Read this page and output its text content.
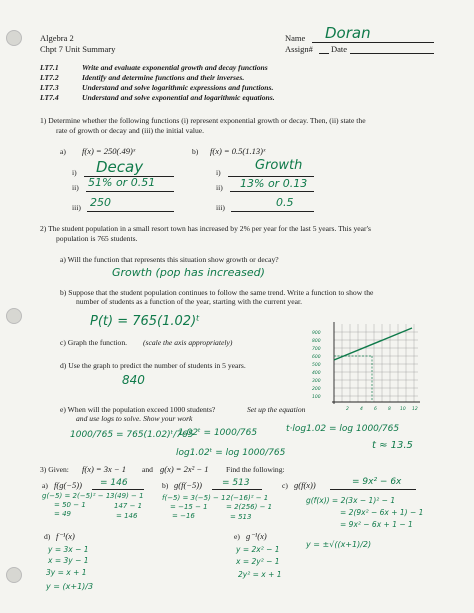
Algebra 2
Chpt 7 Unit Summary
Name Doran
Assign# Date
LT7.1	Write and evaluate exponential growth and decay functions
LT7.2	Identify and determine functions and their inverses.
LT7.3	Understand and solve logarithmic expressions and functions.
LT7.4	Understand and solve exponential and logarithmic equations.
1) Determine whether the following functions (i) represent exponential growth or decay. Then, (ii) state the
rate of growth or decay and (iii) the initial value.
a) f(x) = 250(.49)ˣ	b) f(x) = 0.5(1.13)ˣ
i) Decay
ii) 51% or 0.51
iii) 250
i)	Growth
ii) 13% or 0.13
iii)	0.5
2) The student population in a small resort town has increased by 2% per year for the last 5 years. This year's
population is 765 students.
a) Will the function that represents this situation show growth or decay?
Growth (pop has increased)
b) Suppose that the student population continues to follow the same trend. Write a function to show the
number of students as a function of the year, starting with the current year.
P(t) = 765(1.02)ᵗ
c) Graph the function. (scale the axis appropriately)
d) Use the graph to predict the number of students in 5 years.
840
900
800
700
600
500
400
300
200
100
2 4 6 8 10 12
e) When will the population exceed 1000 students?	Set up the equation
and use logs to solve. Show your work
1000/765 = 765(1.02)ᵗ/765
1.02ᵗ = 1000/765
log1.02ᵗ = log 1000/765
t·log1.02 = log 1000/765
t ≈ 13.5
3) Given: f(x) = 3x − 1 and g(x) = 2x² − 1 Find the following:
a) f(g(−5)) = 146
g(−5) = 2(−5)² − 1
= 50 − 1
= 49
3(49) − 1
147 − 1
= 146
b) g(f(−5)) = 513
f(−5) = 3(−5) − 1
= −15 − 1
= −16
2(−16)² − 1
= 2(256) − 1
= 513
c) g(f(x))	= 9x² − 6x
g(f(x)) = 2(3x − 1)² − 1
= 2(9x² − 6x + 1) − 1
= 9x² − 6x + 1 − 1
d) f⁻¹(x)
y = 3x − 1
x = 3y − 1
3y = x + 1
y = (x+1)/3
e) g⁻¹(x)
y = 2x² − 1
x = 2y² − 1
2y² = x + 1
y = ±√((x+1)/2)
